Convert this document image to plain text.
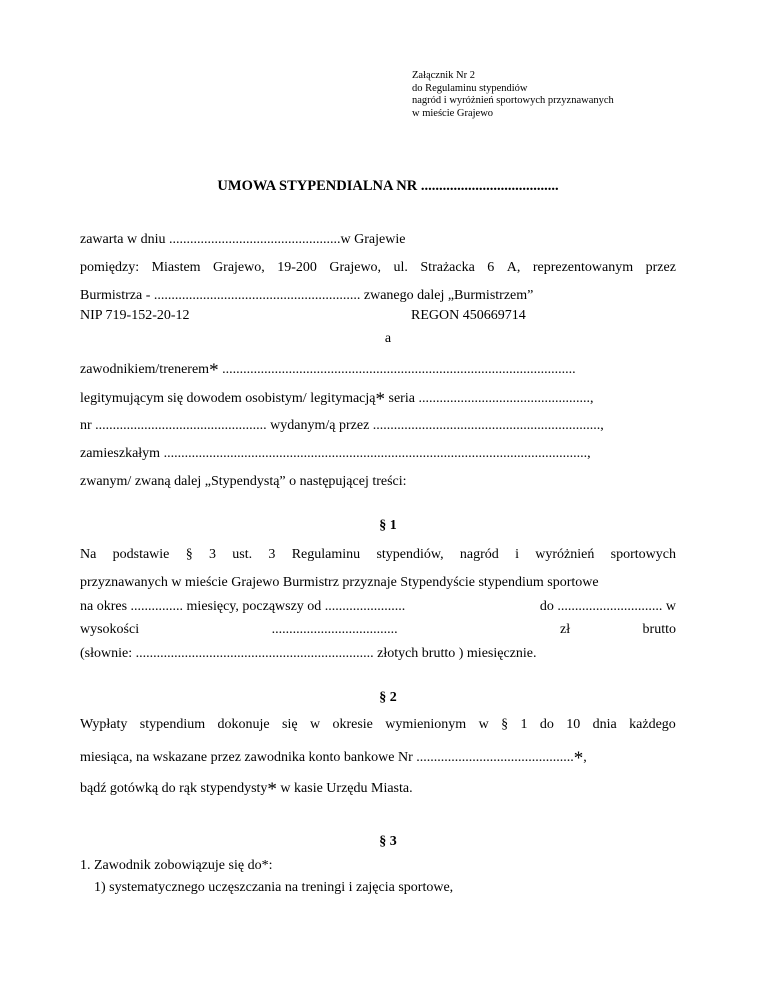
Załącznik Nr 2
do Regulaminu stypendiów
nagród i wyróżnień sportowych przyznawanych
w mieście Grajewo
UMOWA STYPENDIALNA NR ......................................
zawarta w dniu .................................................w Grajewie
pomiędzy: Miastem Grajewo, 19-200 Grajewo, ul. Strażacka 6 A, reprezentowanym przez
Burmistrza - ........................................................... zwanego dalej „Burmistrzem”
NIP 719-152-20-12	REGON 450669714
a
zawodnikiem/trenerem* .....................................................................................................
legitymującym się dowodem osobistym/ legitymacją* seria .................................................,
nr ................................................. wydanym/ą przez .................................................................,
zamieszkałym .........................................................................................................................,
zwanym/ zwaną dalej „Stypendystą” o następującej treści:
§ 1
Na podstawie § 3 ust. 3 Regulaminu stypendiów, nagród i wyróżnień sportowych
przyznawanych w mieście Grajewo Burmistrz przyznaje Stypendyście stypendium sportowe
na okres ............... miesięcy, począwszy od .......................	do .............................. w
wysokości	....................................	zł	brutto
(słownie: .................................................................... złotych brutto ) miesięcznie.
§ 2
Wypłaty stypendium dokonuje się w okresie wymienionym w § 1 do 10 dnia każdego
miesiąca, na wskazane przez zawodnika konto bankowe Nr .............................................*,
bądź gotówką do rąk stypendysty* w kasie Urzędu Miasta.
§ 3
1. Zawodnik zobowiązuje się do*:
1) systematycznego uczęszczania na treningi i zajęcia sportowe,
